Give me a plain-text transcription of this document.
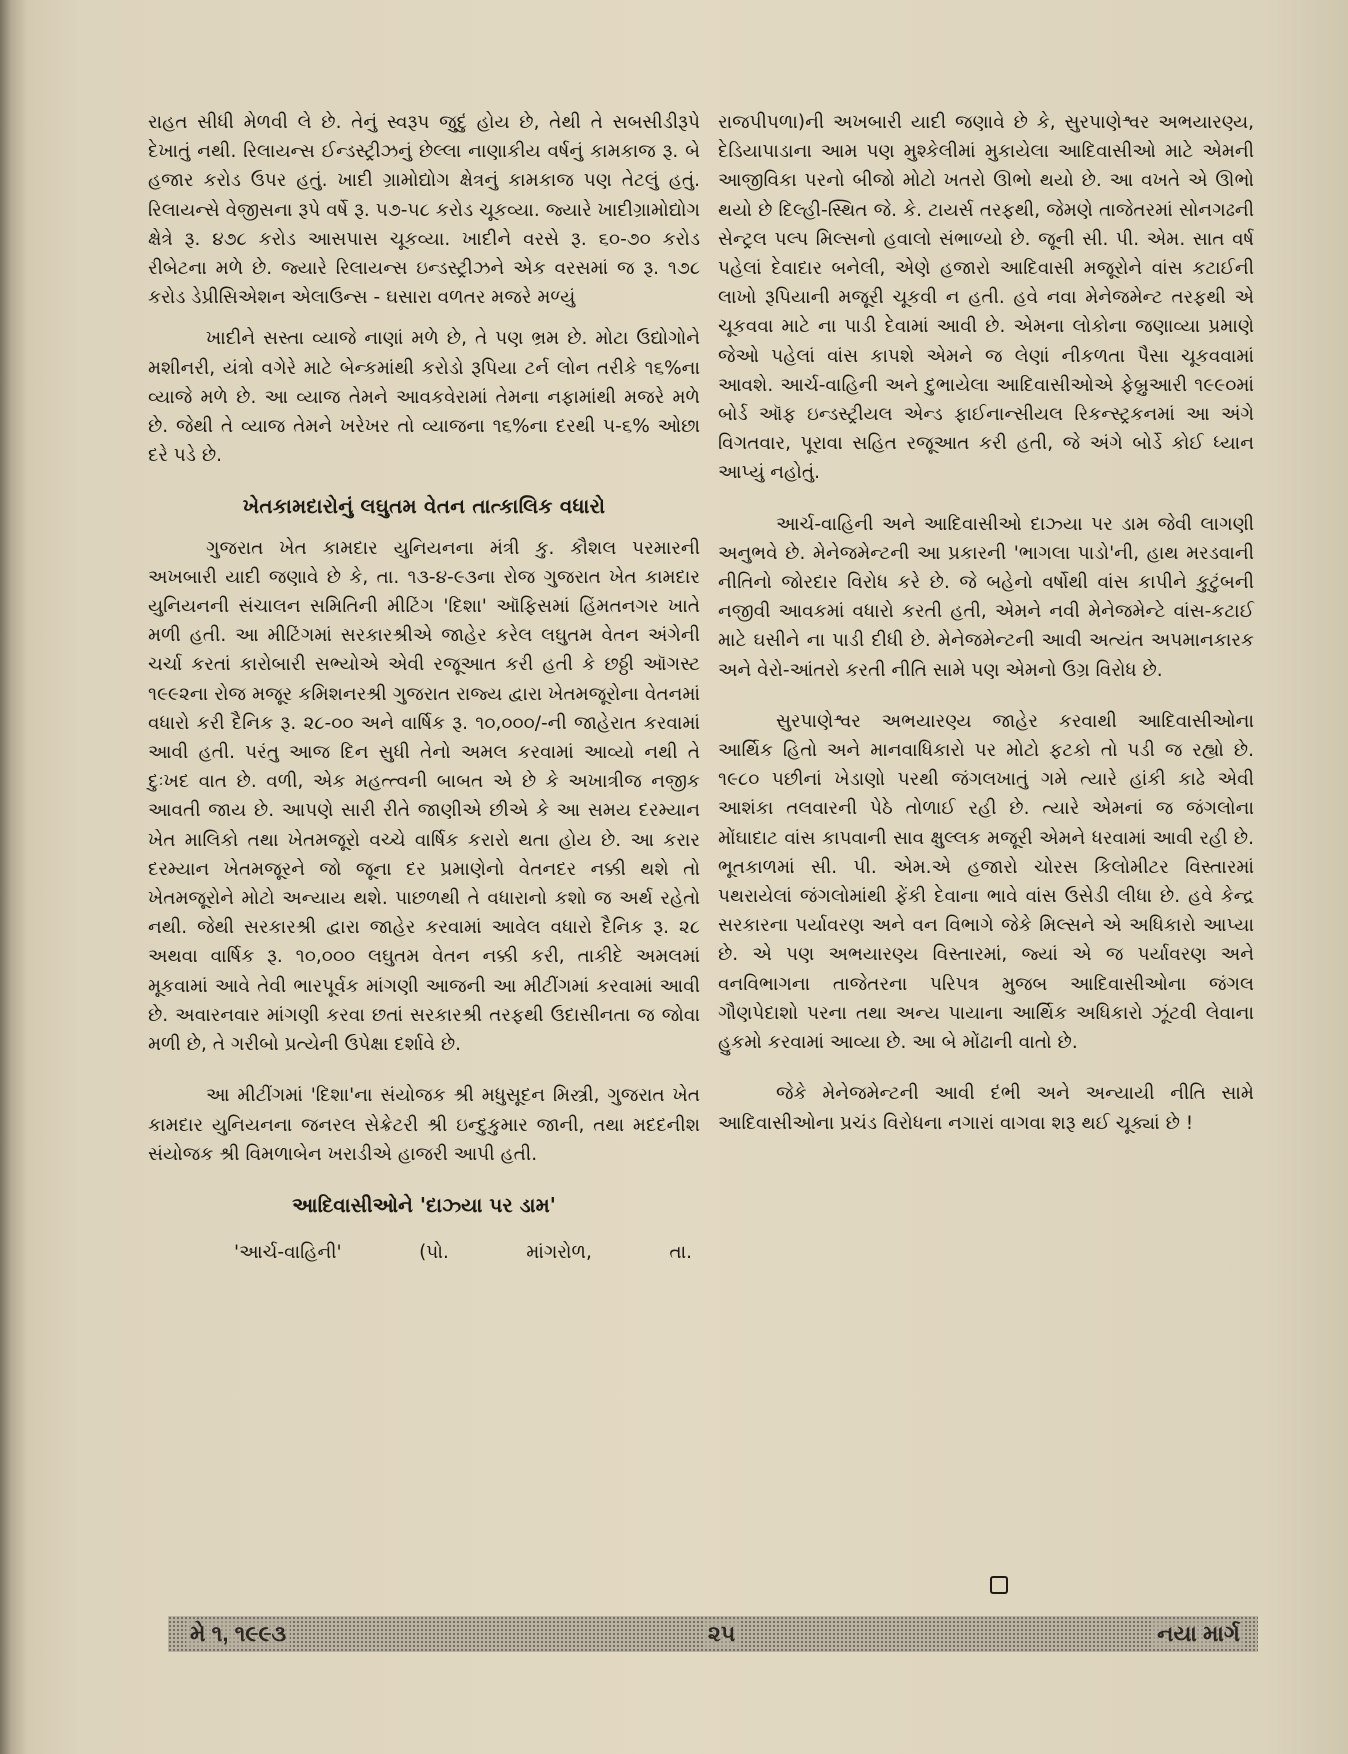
રાહત સીધી મેળવી લે છે. તેનું સ્વરૂપ જુદું હોય છે, તેથી તે સબસીડીરૂપે દેખાતું નથી. રિલાયન્સ ઈન્ડસ્ટ્રીઝનું છેલ્લા નાણાકીય વર્ષનું કામકાજ રૂ. બે હજાર કરોડ ઉપર હતું. ખાદી ગ્રામોદ્યોગ ક્ષેત્રનું કામકાજ પણ તેટલું હતું. રિલાયન્સે વેજીસના રૂપે વર્ષે રૂ. ૫૭-૫૮ કરોડ ચૂકવ્યા. જ્યારે ખાદીગ્રામોદ્યોગ ક્ષેત્રે રૂ. ૪૭૮ કરોડ આસપાસ ચૂકવ્યા. ખાદીને વરસે રૂ. ૬૦-૭૦ કરોડ રીબેટના મળે છે. જ્યારે રિલાયન્સ ઇન્ડસ્ટ્રીઝને એક વરસમાં જ રૂ. ૧૭૮ કરોડ ડેપ્રીસિએશન એલાઉન્સ - ઘસારા વળતર મજરે મળ્યું

ખાદીને સસ્તા વ્યાજે નાણાં મળે છે, તે પણ ભ્રમ છે. મોટા ઉદ્યોગોને મશીનરી, યંત્રો વગેરે માટે બેન્કમાંથી કરોડો રૂપિયા ટર્ન લોન તરીકે ૧૬%ના વ્યાજે મળે છે. આ વ્યાજ તેમને આવકવેરામાં તેમના નફામાંથી મજરે મળે છે. જેથી તે વ્યાજ તેમને ખરેખર તો વ્યાજના ૧૬%ના દરથી ૫-૬% ઓછા દરે પડે છે.

ખેતકામદારોનું લઘુતમ વેતન તાત્કાલિક વધારો

ગુજરાત ખેત કામદાર યુનિયનના મંત્રી કુ. કૌશલ પરમારની અખબારી યાદી જણાવે છે કે, તા. ૧૩-૪-૯૩ના રોજ ગુજરાત ખેત કામદાર યુનિયનની સંચાલન સમિતિની મીટિંગ 'દિશા' ઑફિસમાં હિંમતનગર ખાતે મળી હતી. આ મીટિંગમાં સરકારશ્રીએ જાહેર કરેલ લઘુતમ વેતન અંગેની ચર્ચા કરતાં કારોબારી સભ્યોએ એવી રજૂઆત કરી હતી કે છઠ્ઠી ઑગસ્ટ ૧૯૯૨ના રોજ મજૂર કમિશનરશ્રી ગુજરાત રાજ્ય દ્વારા ખેતમજૂરોના વેતનમાં વધારો કરી દૈનિક રૂ. ૨૮-૦૦ અને વાર્ષિક રૂ. ૧૦,૦૦૦/-ની જાહેરાત કરવામાં આવી હતી. પરંતુ આજ દિન સુધી તેનો અમલ કરવામાં આવ્યો નથી તે દુઃખદ વાત છે. વળી, એક મહત્ત્વની બાબત એ છે કે અખાત્રીજ નજીક આવતી જાય છે. આપણે સારી રીતે જાણીએ છીએ કે આ સમય દરમ્યાન ખેત માલિકો તથા ખેતમજૂરો વચ્ચે વાર્ષિક કરારો થતા હોય છે. આ કરાર દરમ્યાન ખેતમજૂરને જો જૂના દર પ્રમાણેનો વેતનદર નક્કી થશે તો ખેતમજૂરોને મોટો અન્યાય થશે. પાછળથી તે વધારાનો કશો જ અર્થ રહેતો નથી. જેથી સરકારશ્રી દ્વારા જાહેર કરવામાં આવેલ વધારો દૈનિક રૂ. ૨૮ અથવા વાર્ષિક રૂ. ૧૦,૦૦૦ લઘુતમ વેતન નક્કી કરી, તાકીદે અમલમાં મૂકવામાં આવે તેવી ભારપૂર્વક માંગણી આજની આ મીટીંગમાં કરવામાં આવી છે. અવારનવાર માંગણી કરવા છતાં સરકારશ્રી તરફથી ઉદાસીનતા જ જોવા મળી છે, તે ગરીબો પ્રત્યેની ઉપેક્ષા દર્શાવે છે.

આ મીટીંગમાં 'દિશા'ના સંયોજક શ્રી મધુસૂદન મિસ્ત્રી, ગુજરાત ખેત કામદાર યુનિયનના જનરલ સેક્રેટરી શ્રી ઇન્દુકુમાર જાની, તથા મદદનીશ સંયોજક શ્રી વિમળાબેન ખરાડીએ હાજરી આપી હતી.

આદિવાસીઓને 'દાઝ્યા પર ડામ'
'આર્ચ-વાહિની'	(પો.	માંગરોળ,	તા.

રાજપીપળા)ની અખબારી યાદી જણાવે છે કે, સુરપાણેશ્વર અભયારણ્ય, દેડિયાપાડાના આમ પણ મુશ્કેલીમાં મુકાયેલા આદિવાસીઓ માટે એમની આજીવિકા પરનો બીજો મોટો ખતરો ઊભો થયો છે. આ વખતે એ ઊભો થયો છે દિલ્હી-સ્થિત જે. કે. ટાયર્સ તરફથી, જેમણે તાજેતરમાં સોનગઢની સેન્ટ્રલ પલ્પ મિલ્સનો હવાલો સંભાળ્યો છે. જૂની સી. પી. એમ. સાત વર્ષ પહેલાં દેવાદાર બનેલી, એણે હજારો આદિવાસી મજૂરોને વાંસ કટાઈની લાખો રૂપિયાની મજૂરી ચૂકવી ન હતી. હવે નવા મેનેજમેન્ટ તરફથી એ ચૂકવવા માટે ના પાડી દેવામાં આવી છે. એમના લોકોના જણાવ્યા પ્રમાણે જેઓ પહેલાં વાંસ કાપશે એમને જ લેણાં નીકળતા પૈસા ચૂકવવામાં આવશે. આર્ચ-વાહિની અને દુભાયેલા આદિવાસીઓએ ફેબ્રુઆરી ૧૯૯૦માં બોર્ડ ઑફ ઇન્ડસ્ટ્રીયલ એન્ડ ફાઈનાન્સીયલ રિકન્સ્ટ્રકનમાં આ અંગે વિગતવાર, પૂરાવા સહિત રજૂઆત કરી હતી, જે અંગે બોર્ડે કોઈ ધ્યાન આપ્યું નહોતું.

આર્ચ-વાહિની અને આદિવાસીઓ દાઝ્યા પર ડામ જેવી લાગણી અનુભવે છે. મેનેજમેન્ટની આ પ્રકારની 'ભાગલા પાડો'ની, હાથ મરડવાની નીતિનો જોરદાર વિરોધ કરે છે. જે બહેનો વર્ષોથી વાંસ કાપીને કુટુંબની નજીવી આવકમાં વધારો કરતી હતી, એમને નવી મેનેજમેન્ટે વાંસ-કટાઈ માટે ઘસીને ના પાડી દીધી છે. મેનેજમેન્ટની આવી અત્યંત અપમાનકારક અને વેરો-આંતરો કરતી નીતિ સામે પણ એમનો ઉગ્ર વિરોધ છે.

સુરપાણેશ્વર અભયારણ્ય જાહેર કરવાથી આદિવાસીઓના આર્થિક હિતો અને માનવાધિકારો પર મોટો ફટકો તો પડી જ રહ્યો છે. ૧૯૮૦ પછીનાં ખેડાણો પરથી જંગલખાતું ગમે ત્યારે હાંકી કાઢે એવી આશંકા તલવારની પેઠે તોળાઈ રહી છે. ત્યારે એમનાં જ જંગલોના મોંઘાદાટ વાંસ કાપવાની સાવ ક્ષુલ્લક મજૂરી એમને ધરવામાં આવી રહી છે. ભૂતકાળમાં સી. પી. એમ.એ હજારો ચોરસ કિલોમીટર વિસ્તારમાં પથરાયેલાં જંગલોમાંથી ફેંકી દેવાના ભાવે વાંસ ઉસેડી લીધા છે. હવે કેન્દ્ર સરકારના પર્યાવરણ અને વન વિભાગે જેકે મિલ્સને એ અધિકારો આપ્યા છે. એ પણ અભયારણ્ય વિસ્તારમાં, જ્યાં એ જ પર્યાવરણ અને વનવિભાગના તાજેતરના પરિપત્ર મુજબ આદિવાસીઓના જંગલ ગૌણપેદાશો પરના તથા અન્ય પાયાના આર્થિક અધિકારો ઝૂંટવી લેવાના હુકમો કરવામાં આવ્યા છે. આ બે મોંઢાની વાતો છે.

જેકે મેનેજમેન્ટની આવી દંભી અને અન્યાયી નીતિ સામે આદિવાસીઓના પ્રચંડ વિરોધના નગારાં વાગવા શરૂ થઈ ચૂક્યાં છે !

મે ૧, ૧૯૯૩	૨૫	નયા માર્ગ
